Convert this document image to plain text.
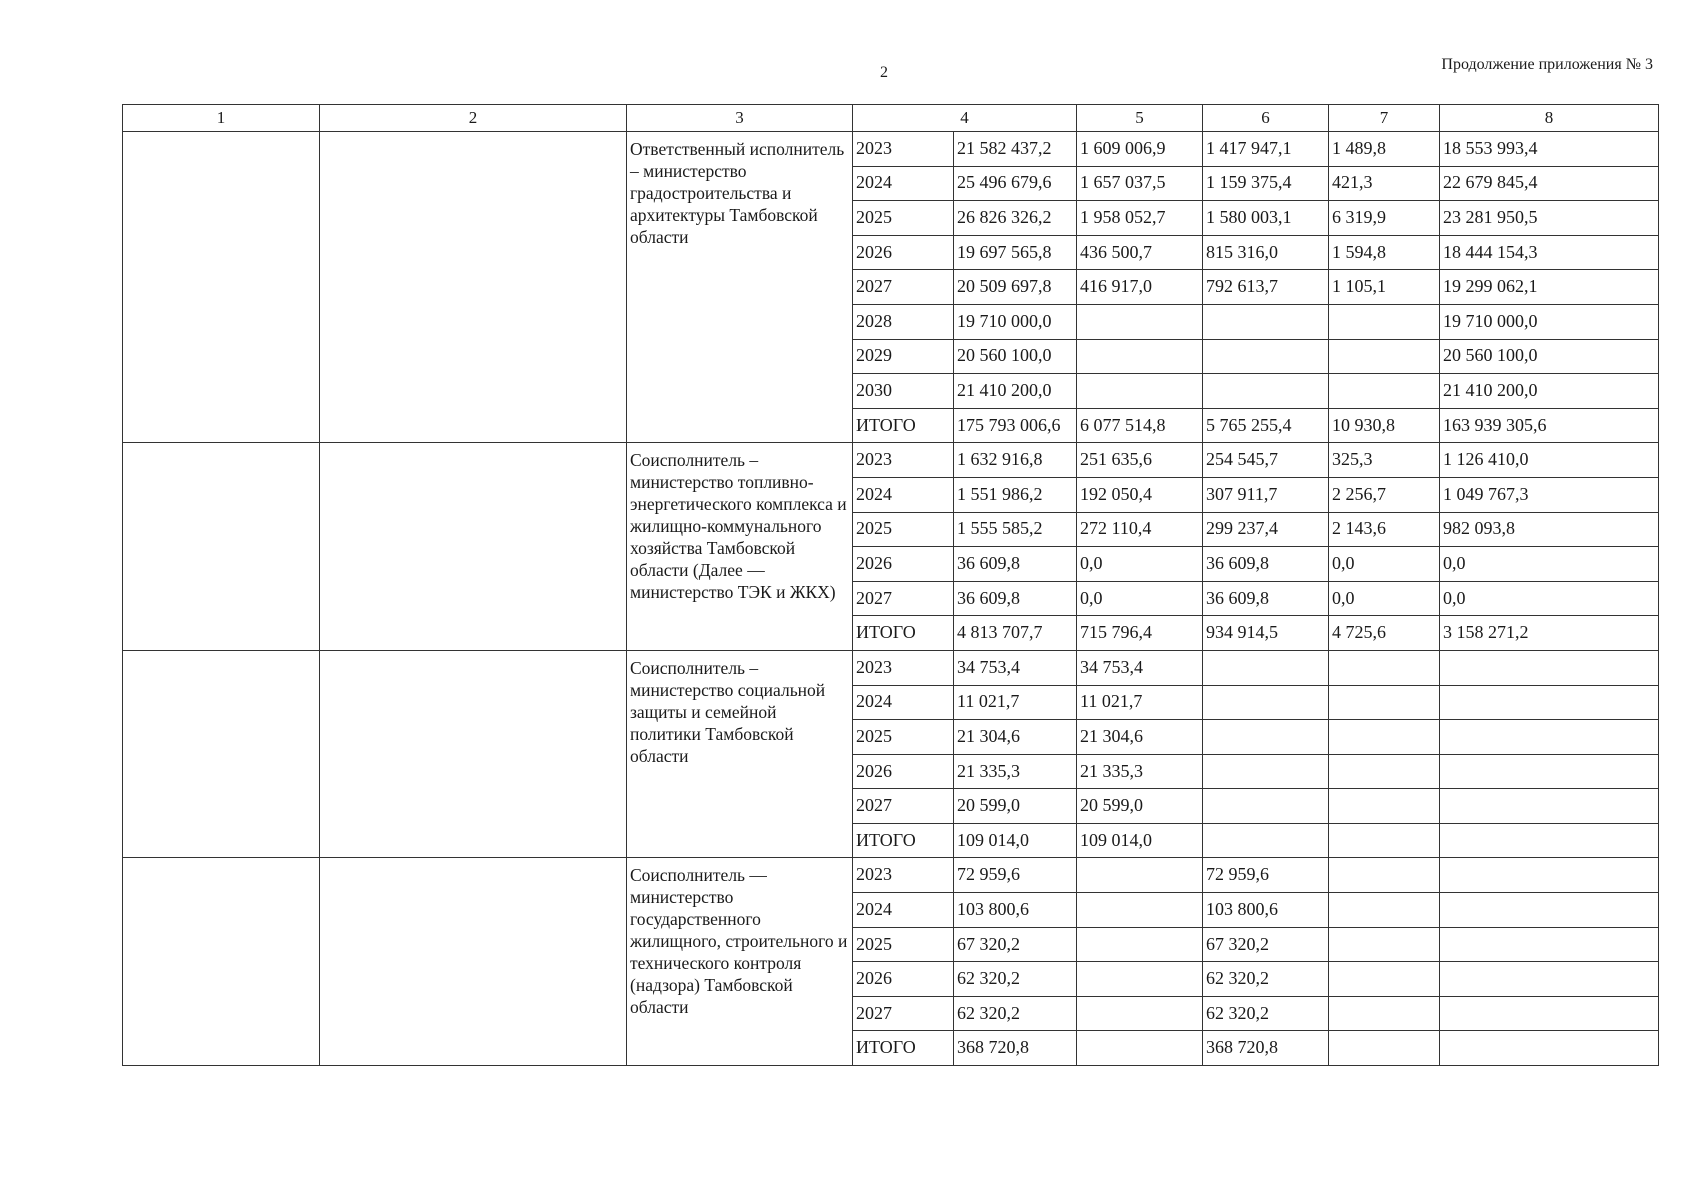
2	Продолжение приложения № 3
1	2	3	4		5	6	7	8
		Ответственный исполнитель – министерство градостроительства и архитектуры Тамбовской области	2023	21 582 437,2	1 609 006,9	1 417 947,1	1 489,8	18 553 993,4
			2024	25 496 679,6	1 657 037,5	1 159 375,4	421,3	22 679 845,4
			2025	26 826 326,2	1 958 052,7	1 580 003,1	6 319,9	23 281 950,5
			2026	19 697 565,8	436 500,7	815 316,0	1 594,8	18 444 154,3
			2027	20 509 697,8	416 917,0	792 613,7	1 105,1	19 299 062,1
			2028	19 710 000,0				19 710 000,0
			2029	20 560 100,0				20 560 100,0
			2030	21 410 200,0				21 410 200,0
			ИТОГО	175 793 006,6	6 077 514,8	5 765 255,4	10 930,8	163 939 305,6
		Соисполнитель – министерство топливно-энергетического комплекса и жилищно-коммунального хозяйства Тамбовской области (Далее — министерство ТЭК и ЖКХ)	2023	1 632 916,8	251 635,6	254 545,7	325,3	1 126 410,0
			2024	1 551 986,2	192 050,4	307 911,7	2 256,7	1 049 767,3
			2025	1 555 585,2	272 110,4	299 237,4	2 143,6	982 093,8
			2026	36 609,8	0,0	36 609,8	0,0	0,0
			2027	36 609,8	0,0	36 609,8	0,0	0,0
			ИТОГО	4 813 707,7	715 796,4	934 914,5	4 725,6	3 158 271,2
		Соисполнитель – министерство социальной защиты и семейной политики Тамбовской области	2023	34 753,4	34 753,4			
			2024	11 021,7	11 021,7			
			2025	21 304,6	21 304,6			
			2026	21 335,3	21 335,3			
			2027	20 599,0	20 599,0			
			ИТОГО	109 014,0	109 014,0			
		Соисполнитель — министерство государственного жилищного, строительного и технического контроля (надзора) Тамбовской области	2023	72 959,6		72 959,6		
			2024	103 800,6		103 800,6		
			2025	67 320,2		67 320,2		
			2026	62 320,2		62 320,2		
			2027	62 320,2		62 320,2		
			ИТОГО	368 720,8		368 720,8		
